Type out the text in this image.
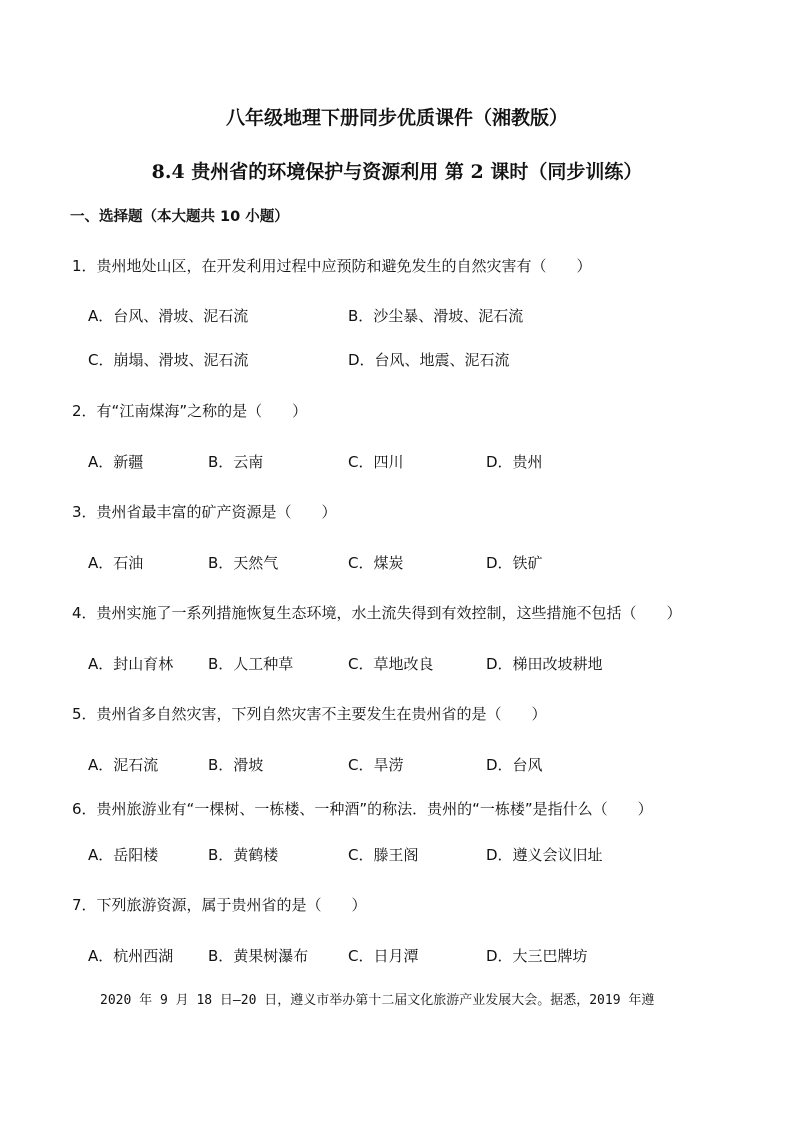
八年级地理下册同步优质课件（湘教版）
8.4 贵州省的环境保护与资源利用 第 2 课时（同步训练）
一、选择题（本大题共 10 小题）
1．贵州地处山区，在开发利用过程中应预防和避免发生的自然灾害有（　　）
A．台风、滑坡、泥石流	B．沙尘暴、滑坡、泥石流
C．崩塌、滑坡、泥石流	D．台风、地震、泥石流
2．有“江南煤海”之称的是（　　）
A．新疆	B．云南	C．四川	D．贵州
3．贵州省最丰富的矿产资源是（　　）
A．石油	B．天然气	C．煤炭	D．铁矿
4．贵州实施了一系列措施恢复生态环境，水土流失得到有效控制，这些措施不包括（　　）
A．封山育林 B．人工种草	C．草地改良	D．梯田改坡耕地
5．贵州省多自然灾害，下列自然灾害不主要发生在贵州省的是（　　）
A．泥石流	B．滑坡	C．旱涝	D．台风
6．贵州旅游业有“一棵树、一栋楼、一种酒”的称法．贵州的“一栋楼”是指什么（　　）
A．岳阳楼	B．黄鹤楼	C．滕王阁	D．遵义会议旧址
7．下列旅游资源，属于贵州省的是（　　）
A．杭州西湖 B．黄果树瀑布	C．日月潭	D．大三巴牌坊
2020 年 9 月 18 日—20 日，遵义市举办第十二届文化旅游产业发展大会。据悉，2019 年遵
